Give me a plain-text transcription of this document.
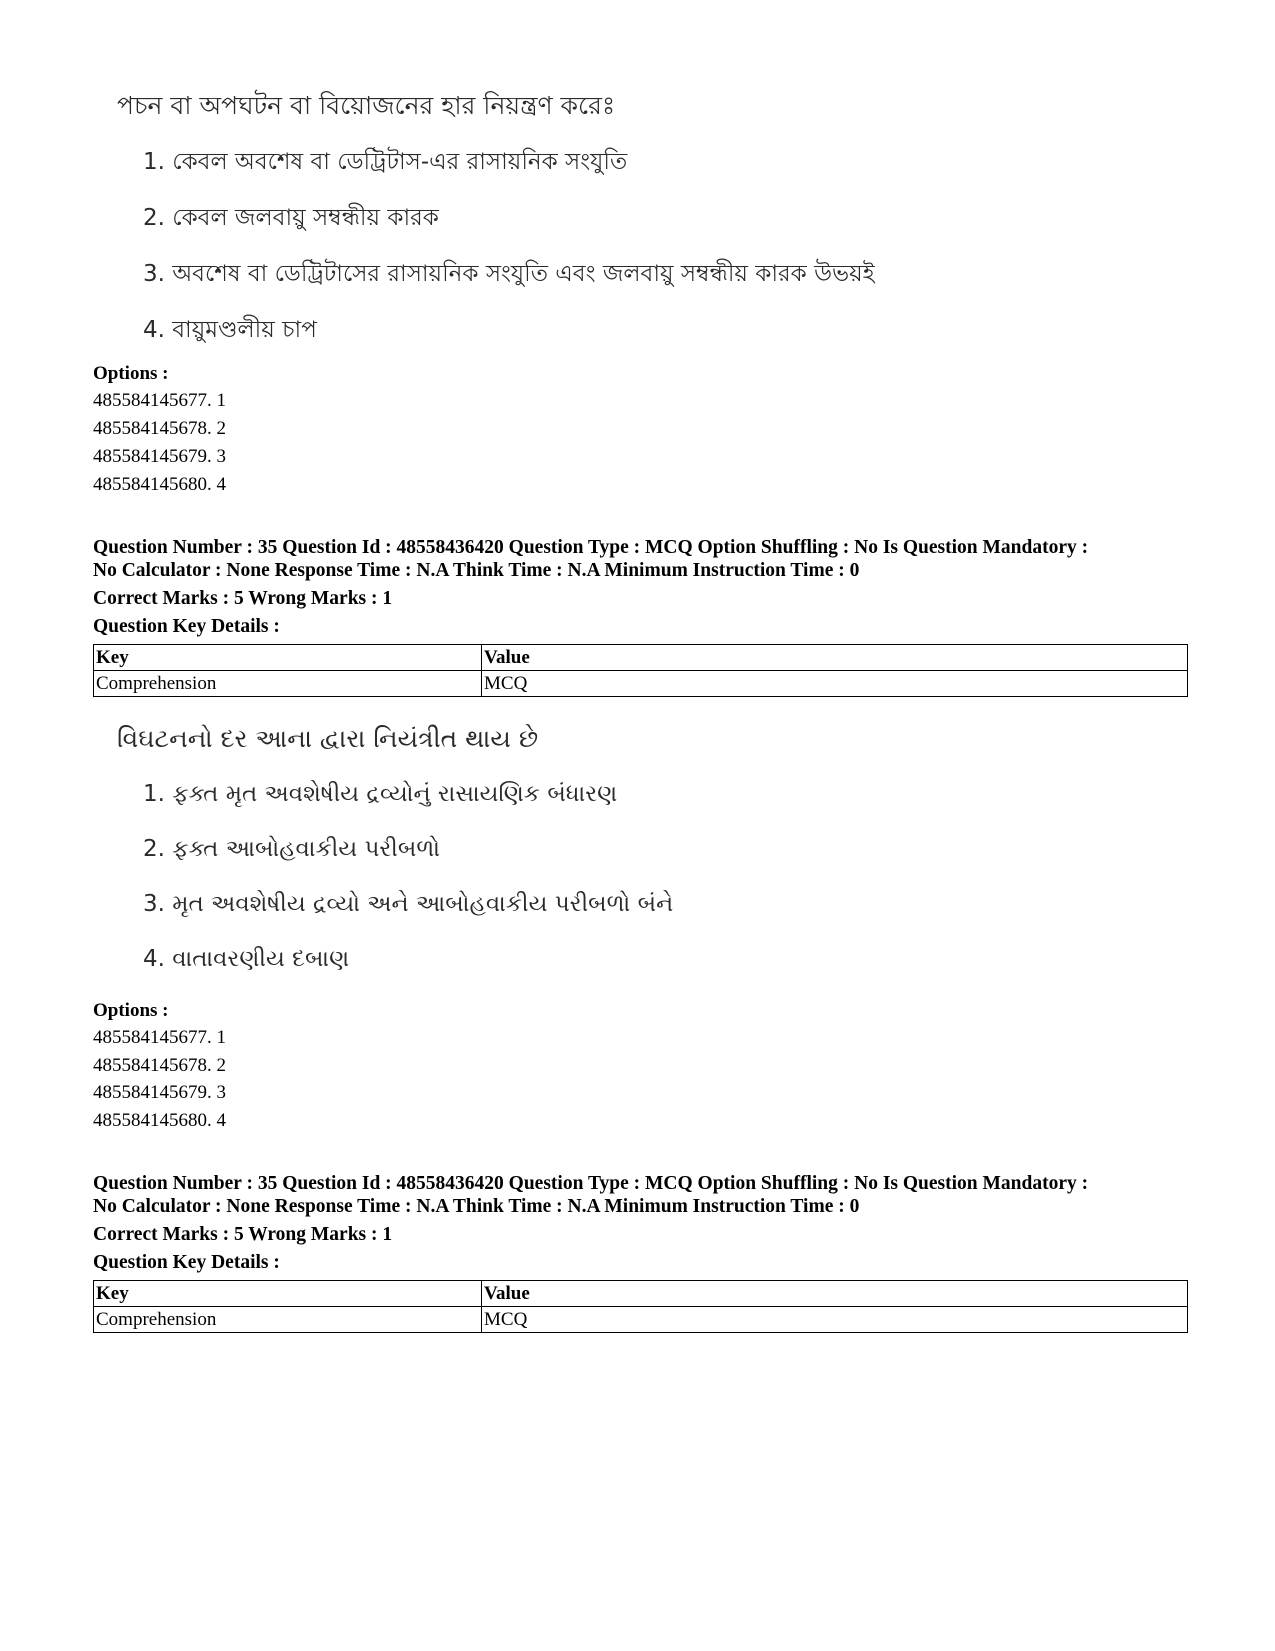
পচন বা অপঘটন বা বিয়োজনের হার নিয়ন্ত্রণ করেঃ
1. কেবল অবশেষ বা ডেট্রিটাস-এর রাসায়নিক সংযুতি
2. কেবল জলবায়ু সম্বন্ধীয় কারক
3. অবশেষ বা ডেট্রিটাসের রাসায়নিক সংযুতি এবং জলবায়ু সম্বন্ধীয় কারক উভয়ই
4. বায়ুমণ্ডলীয় চাপ
Options :
485584145677. 1
485584145678. 2
485584145679. 3
485584145680. 4
Question Number : 35 Question Id : 48558436420 Question Type : MCQ Option Shuffling : No Is Question Mandatory :
No Calculator : None Response Time : N.A Think Time : N.A Minimum Instruction Time : 0
Correct Marks : 5 Wrong Marks : 1
Question Key Details :
Key	Value
Comprehension	MCQ
વિઘટનનો દર આના દ્વારા નિયંત્રીત થાય છે
1. ફક્ત મૃત અવશેષીય દ્રવ્યોનું રાસાયણિક બંધારણ
2. ફક્ત આબોહવાકીય પરીબળો
3. મૃત અવશેષીય દ્રવ્યો અને આબોહવાકીય પરીબળો બંને
4. વાતાવરણીય દબાણ
Options :
485584145677. 1
485584145678. 2
485584145679. 3
485584145680. 4
Question Number : 35 Question Id : 48558436420 Question Type : MCQ Option Shuffling : No Is Question Mandatory :
No Calculator : None Response Time : N.A Think Time : N.A Minimum Instruction Time : 0
Correct Marks : 5 Wrong Marks : 1
Question Key Details :
Key	Value
Comprehension	MCQ
